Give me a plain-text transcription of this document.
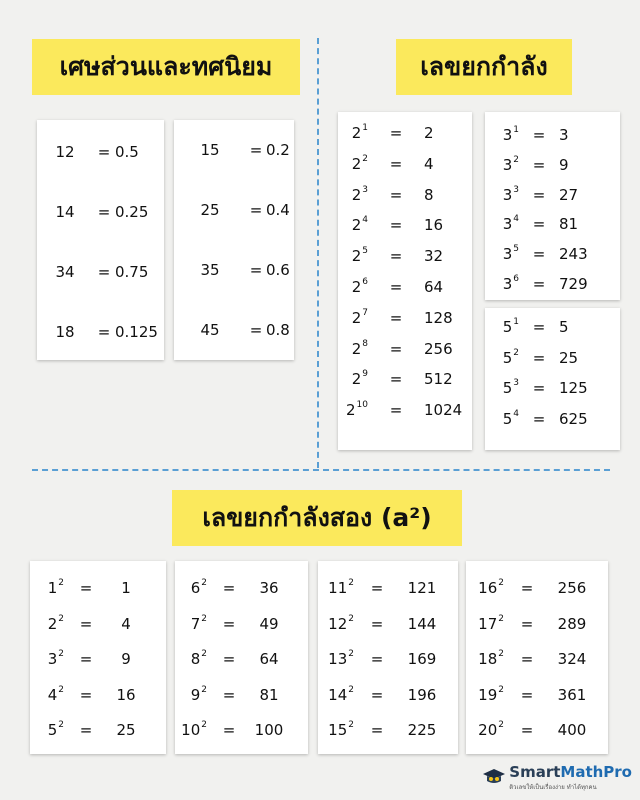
เศษส่วนและทศนิยม	เลขยกกำลัง
เลขยกกำลังสอง (a²)
12	= 0.5
14	= 0.25
34	= 0.75
18	= 0.125
15	= 0.2
25	= 0.4
35	= 0.6
45	= 0.8
$2^1$	=	2
$2^2$	=	4
$2^3$	=	8
$2^4$	=	16
$2^5$	=	32
$2^6$	=	64
$2^7$	=	128
$2^8$	=	256
$2^9$	=	512
$2^{10}$	=	1024
$3^1 = 3$
$3^2 = 9$
$3^3 = 27$
$3^4 = 81$
$3^5 = 243$
$3^6 = 729$
$5^1 = 5$
$5^2 = 25$
$5^3 = 125$
$5^4 = 625$
$1^2$	=	1
$2^2$	=	4
$3^2$	=	9
$4^2$	=	16
$5^2$	=	25
$6^2$	=	36
$7^2$	=	49
$8^2$	=	64
$9^2$	=	81
$10^2$	=	100
$11^2$	=	121
$12^2$	=	144
$13^2$	=	169
$14^2$	=	196
$15^2$	=	225
$16^2$	=	256
$17^2$	=	289
$18^2$	=	324
$19^2$	=	361
$20^2$	=	400
SmartMathPro
ติวเลขให้เป็นเรื่องง่าย ทำได้ทุกคน
